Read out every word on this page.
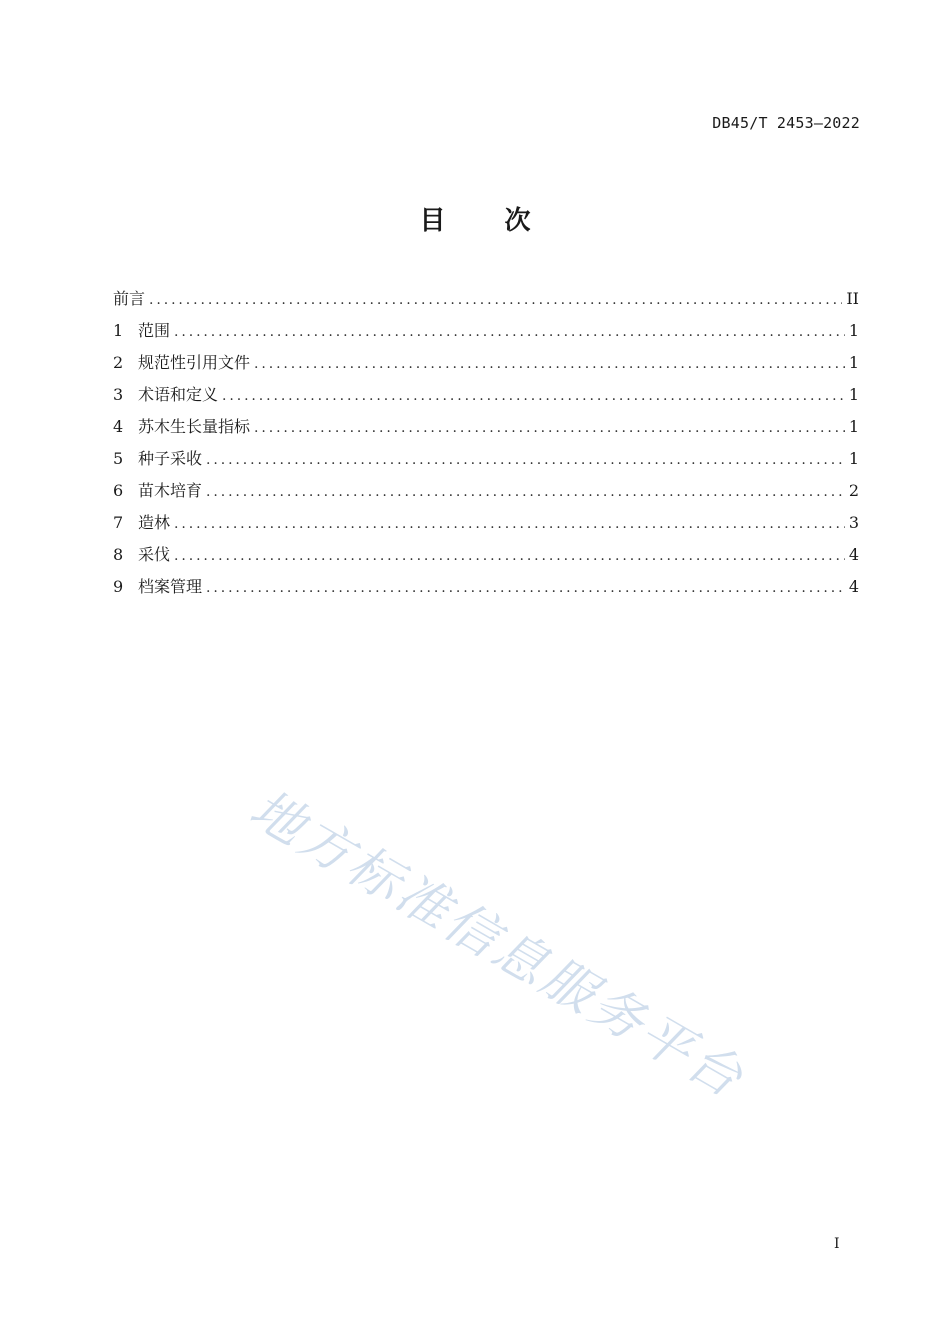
DB45/T 2453—2022
目 次
前言 .....	II
1 范围 .....	1
2 规范性引用文件 .....	1
3 术语和定义 .....	1
4 苏木生长量指标 .....	1
5 种子采收 .....	1
6 苗木培育 .....	2
7 造林 .....	3
8 采伐 .....	4
9 档案管理 .....	4
地方标准信息服务平台
I
